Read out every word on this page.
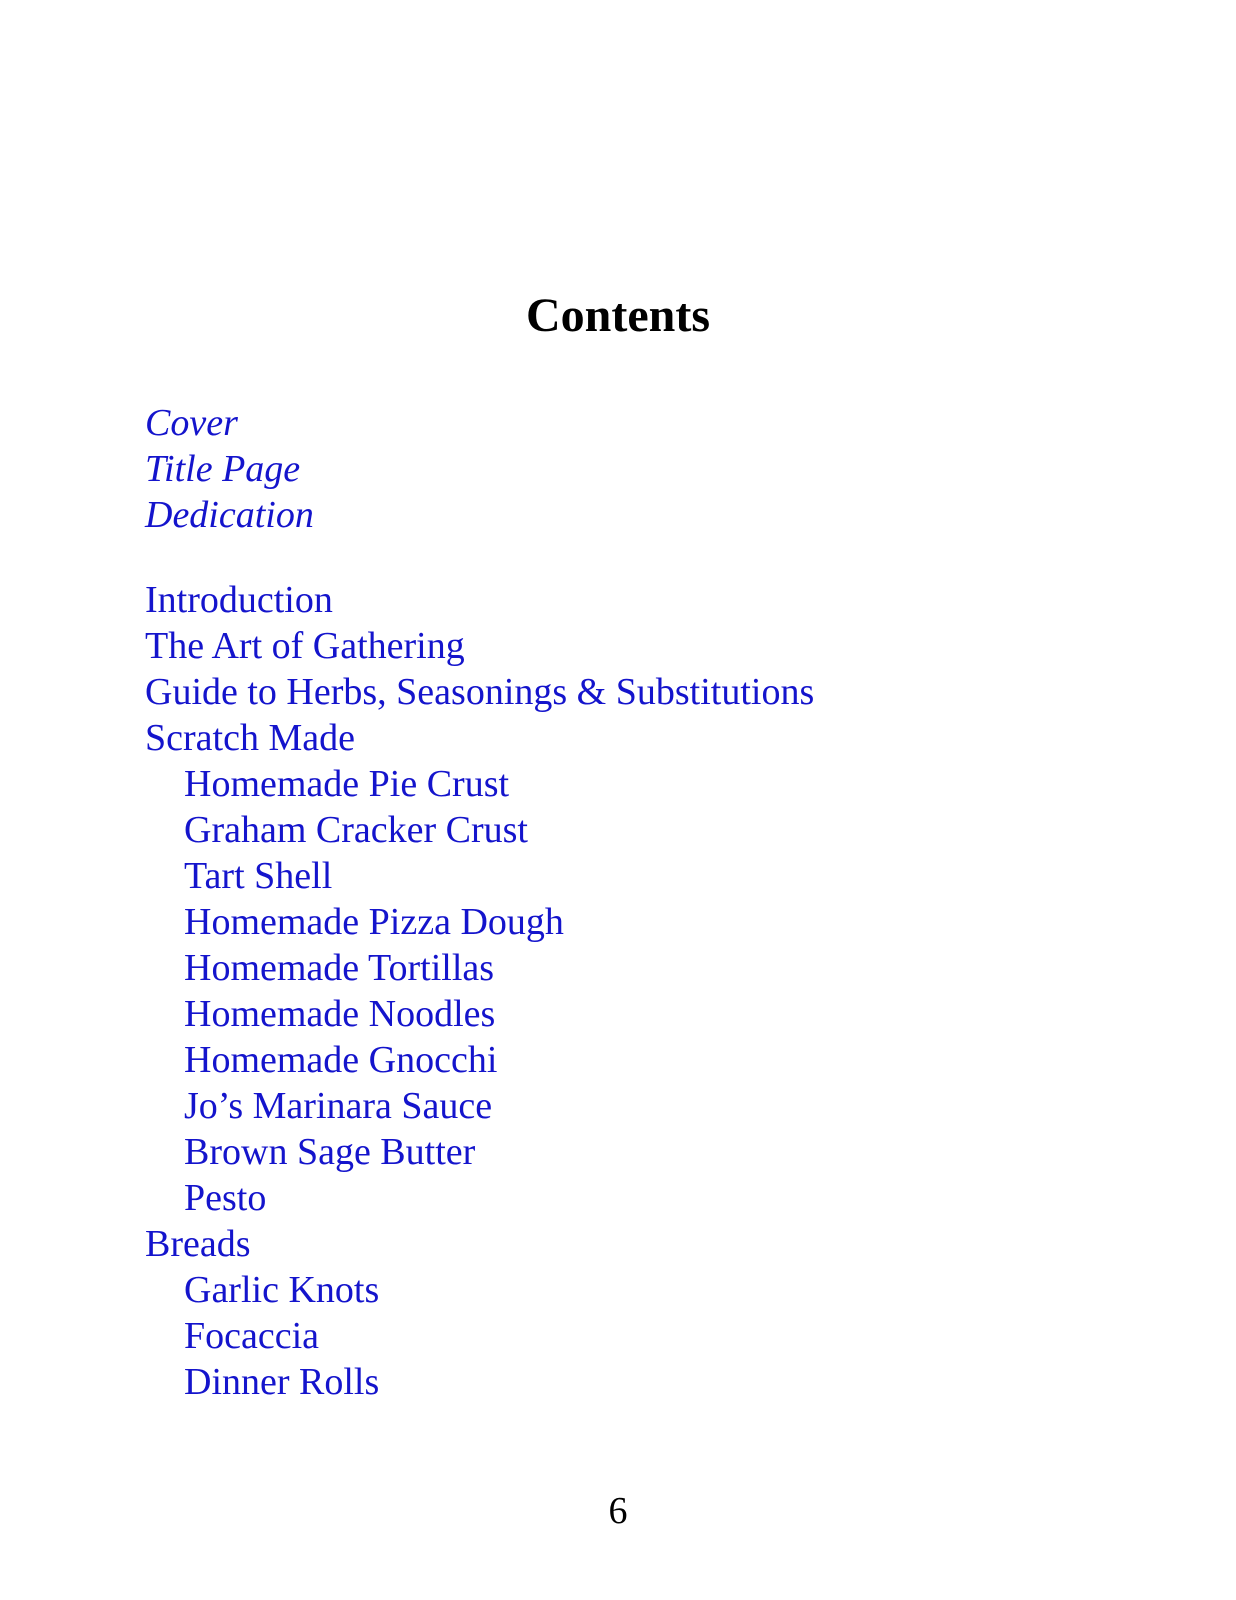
Contents
Cover
Title Page
Dedication
Introduction
The Art of Gathering
Guide to Herbs, Seasonings & Substitutions
Scratch Made
Homemade Pie Crust
Graham Cracker Crust
Tart Shell
Homemade Pizza Dough
Homemade Tortillas
Homemade Noodles
Homemade Gnocchi
Jo’s Marinara Sauce
Brown Sage Butter
Pesto
Breads
Garlic Knots
Focaccia
Dinner Rolls
6
